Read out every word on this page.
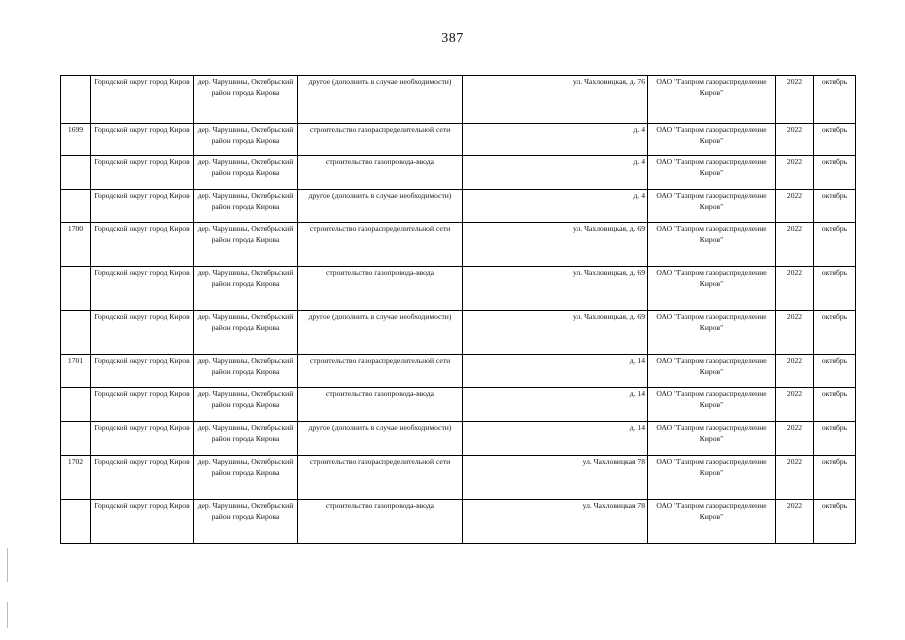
387
	Городской округ город Киров	дер. Чарушины, Октябрьский район города Кирова	другое (дополнить в случае необходимости)	ул. Чахловицкая, д. 76	ОАО "Газпром газораспределение Киров"	2022	октябрь
1699	Городской округ город Киров	дер. Чарушины, Октябрьский район города Кирова	строительство газораспределительной сети	д. 4	ОАО "Газпром газораспределение Киров"	2022	октябрь
	Городской округ город Киров	дер. Чарушины, Октябрьский район города Кирова	строительство газопровода-ввода	д. 4	ОАО "Газпром газораспределение Киров"	2022	октябрь
	Городской округ город Киров	дер. Чарушины, Октябрьский район города Кирова	другое (дополнить в случае необходимости)	д. 4	ОАО "Газпром газораспределение Киров"	2022	октябрь
1700	Городской округ город Киров	дер. Чарушины, Октябрьский район города Кирова	строительство газораспределительной сети	ул. Чахловицкая, д. 69	ОАО "Газпром газораспределение Киров"	2022	октябрь
	Городской округ город Киров	дер. Чарушины, Октябрьский район города Кирова	строительство газопровода-ввода	ул. Чахловицкая, д. 69	ОАО "Газпром газораспределение Киров"	2022	октябрь
	Городской округ город Киров	дер. Чарушины, Октябрьский район города Кирова	другое (дополнить в случае необходимости)	ул. Чахловицкая, д. 69	ОАО "Газпром газораспределение Киров"	2022	октябрь
1701	Городской округ город Киров	дер. Чарушины, Октябрьский район города Кирова	строительство газораспределительной сети	д. 14	ОАО "Газпром газораспределение Киров"	2022	октябрь
	Городской округ город Киров	дер. Чарушины, Октябрьский район города Кирова	строительство газопровода-ввода	д. 14	ОАО "Газпром газораспределение Киров"	2022	октябрь
	Городской округ город Киров	дер. Чарушины, Октябрьский район города Кирова	другое (дополнить в случае необходимости)	д. 14	ОАО "Газпром газораспределение Киров"	2022	октябрь
1702	Городской округ город Киров	дер. Чарушины, Октябрьский район города Кирова	строительство газораспределительной сети	ул. Чахловицкая 78	ОАО "Газпром газораспределение Киров"	2022	октябрь
	Городской округ город Киров	дер. Чарушины, Октябрьский район города Кирова	строительство газопровода-ввода	ул. Чахловицкая 78	ОАО "Газпром газораспределение Киров"	2022	октябрь
